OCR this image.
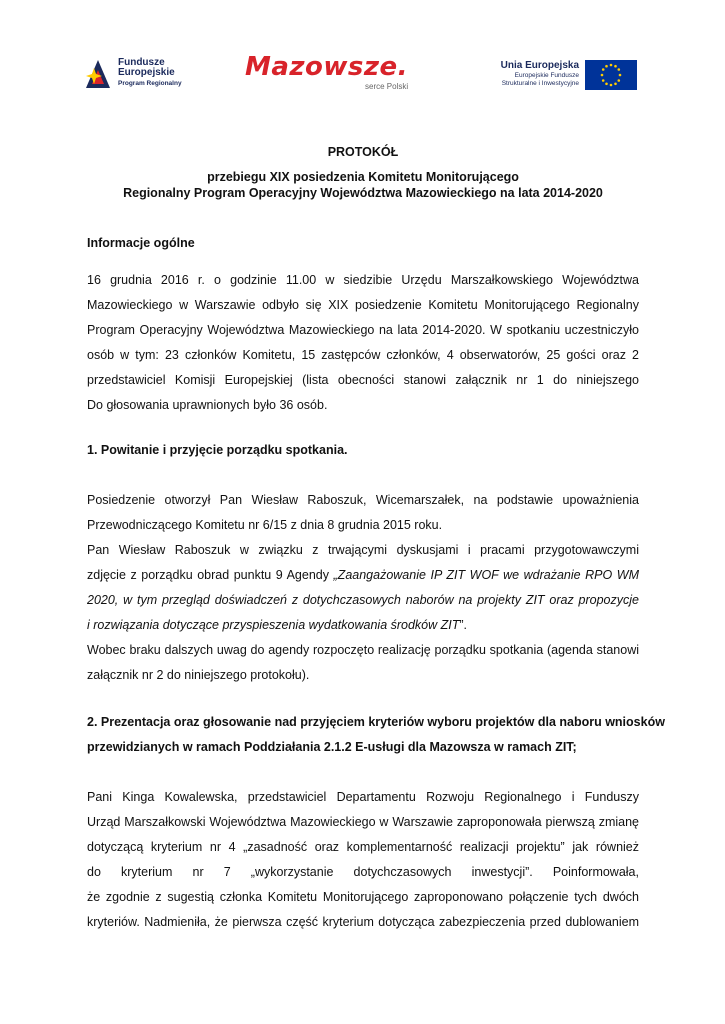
Fundusze
Europejskie
Program Regionalny
Mazowsze.
serce Polski
Unia Europejska
Europejskie Fundusze
Strukturalne i Inwestycyjne
PROTOKÓŁ
przebiegu XIX posiedzenia Komitetu Monitorującego
Regionalny Program Operacyjny Województwa Mazowieckiego na lata 2014-2020
Informacje ogólne
16 grudnia 2016 r. o godzinie 11.00 w siedzibie Urzędu Marszałkowskiego Województwa
Mazowieckiego w Warszawie odbyło się XIX posiedzenie Komitetu Monitorującego Regionalny
Program Operacyjny Województwa Mazowieckiego na lata 2014-2020. W spotkaniu uczestniczyło
osób w tym: 23 członków Komitetu, 15 zastępców członków, 4 obserwatorów, 25 gości oraz 2
przedstawiciel Komisji Europejskiej (lista obecności stanowi załącznik nr 1 do niniejszego
Do głosowania uprawnionych było 36 osób.
1. Powitanie i przyjęcie porządku spotkania.
Posiedzenie otworzył Pan Wiesław Raboszuk, Wicemarszałek, na podstawie upoważnienia
Przewodniczącego Komitetu nr 6/15 z dnia 8 grudnia 2015 roku.
Pan Wiesław Raboszuk w związku z trwającymi dyskusjami i pracami przygotowawczymi
zdjęcie z porządku obrad punktu 9 Agendy „Zaangażowanie IP ZIT WOF we wdrażanie RPO WM
2020, w tym przegląd doświadczeń z dotychczasowych naborów na projekty ZIT oraz propozycje
i rozwiązania dotyczące przyspieszenia wydatkowania środków ZIT”.
Wobec braku dalszych uwag do agendy rozpoczęto realizację porządku spotkania (agenda stanowi
załącznik nr 2 do niniejszego protokołu).
2. Prezentacja oraz głosowanie nad przyjęciem kryteriów wyboru projektów dla naboru wniosków
przewidzianych w ramach Poddziałania 2.1.2 E-usługi dla Mazowsza w ramach ZIT;
Pani Kinga Kowalewska, przedstawiciel Departamentu Rozwoju Regionalnego i Funduszy
Urząd Marszałkowski Województwa Mazowieckiego w Warszawie zaproponowała pierwszą zmianę
dotyczącą kryterium nr 4 „zasadność oraz komplementarność realizacji projektu” jak również
do kryterium nr 7 „wykorzystanie dotychczasowych inwestycji”. Poinformowała,
że zgodnie z sugestią członka Komitetu Monitorującego zaproponowano połączenie tych dwóch
kryteriów. Nadmieniła, że pierwsza część kryterium dotycząca zabezpieczenia przed dublowaniem
